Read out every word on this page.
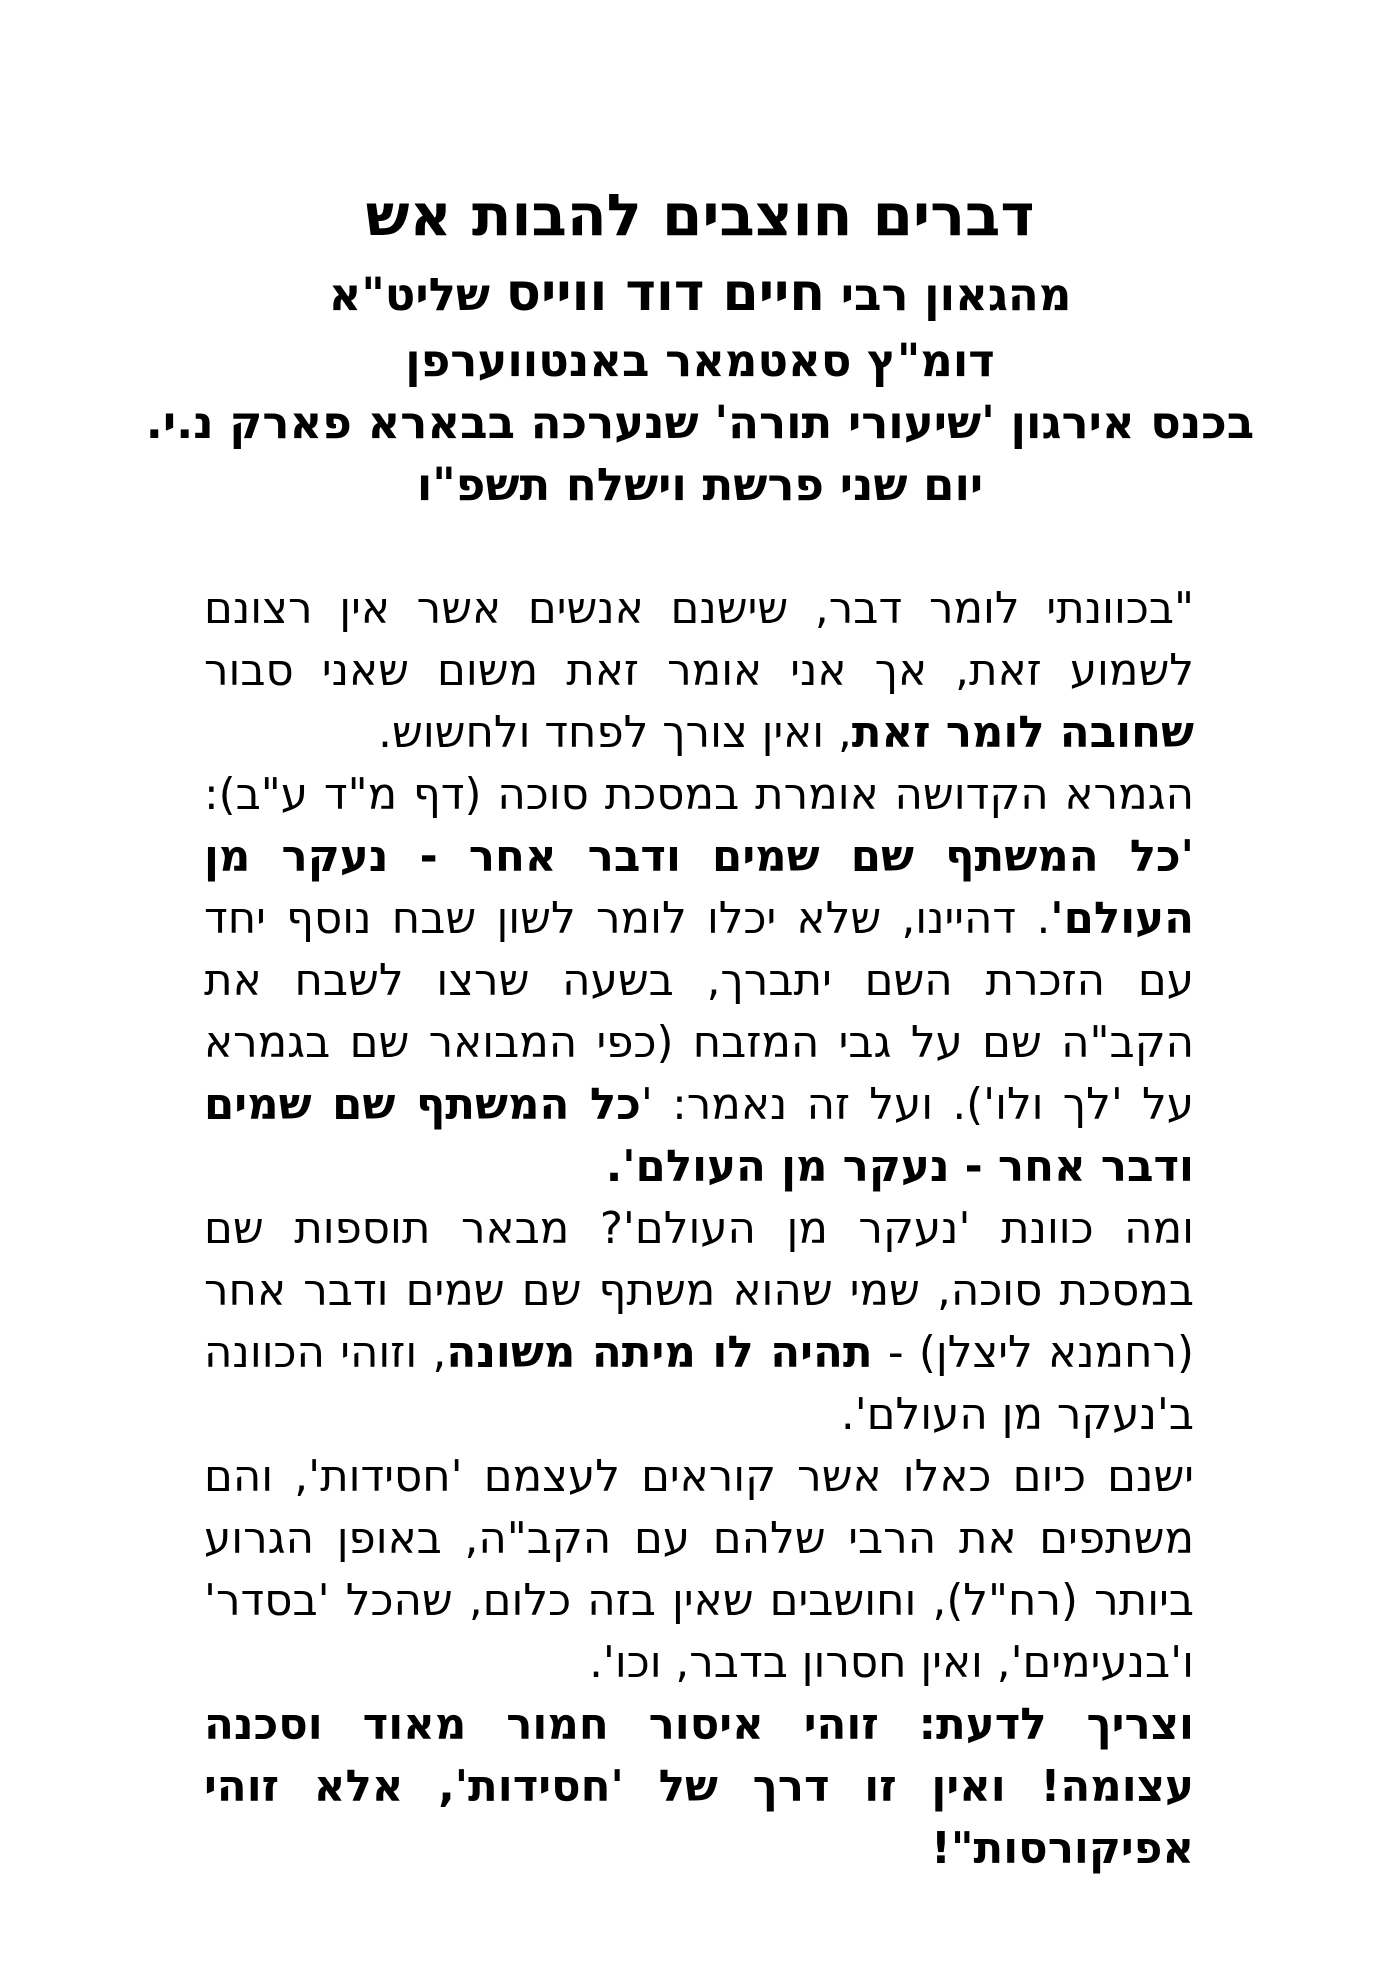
דברים חוצבים להבות אש
מהגאון רבי חיים דוד ווייס שליט"א
דומ"ץ סאטמאר באנטווערפן
בכנס אירגון 'שיעורי תורה' שנערכה בבארא פארק נ.י.
יום שני פרשת וישלח תשפ"ו

"בכוונתי לומר דבר, שישנם אנשים אשר אין רצונם לשמוע זאת, אך אני אומר זאת משום שאני סבור שחובה לומר זאת, ואין צורך לפחד ולחשוש.

הגמרא הקדושה אומרת במסכת סוכה (דף מ"ד ע"ב): 'כל המשתף שם שמים ודבר אחר - נעקר מן העולם'. דהיינו, שלא יכלו לומר לשון שבח נוסף יחד עם הזכרת השם יתברך, בשעה שרצו לשבח את הקב"ה שם על גבי המזבח (כפי המבואר שם בגמרא על 'לך ולו'). ועל זה נאמר: 'כל המשתף שם שמים ודבר אחר - נעקר מן העולם'.

ומה כוונת 'נעקר מן העולם'? מבאר תוספות שם במסכת סוכה, שמי שהוא משתף שם שמים ודבר אחר (רחמנא ליצלן) - תהיה לו מיתה משונה, וזוהי הכוונה ב'נעקר מן העולם'.

ישנם כיום כאלו אשר קוראים לעצמם 'חסידות', והם משתפים את הרבי שלהם עם הקב"ה, באופן הגרוע ביותר (רח"ל), וחושבים שאין בזה כלום, שהכל 'בסדר' ו'בנעימים', ואין חסרון בדבר, וכו'.

וצריך לדעת: זוהי איסור חמור מאוד וסכנה עצומה! ואין זו דרך של 'חסידות', אלא זוהי אפיקורסות"!
